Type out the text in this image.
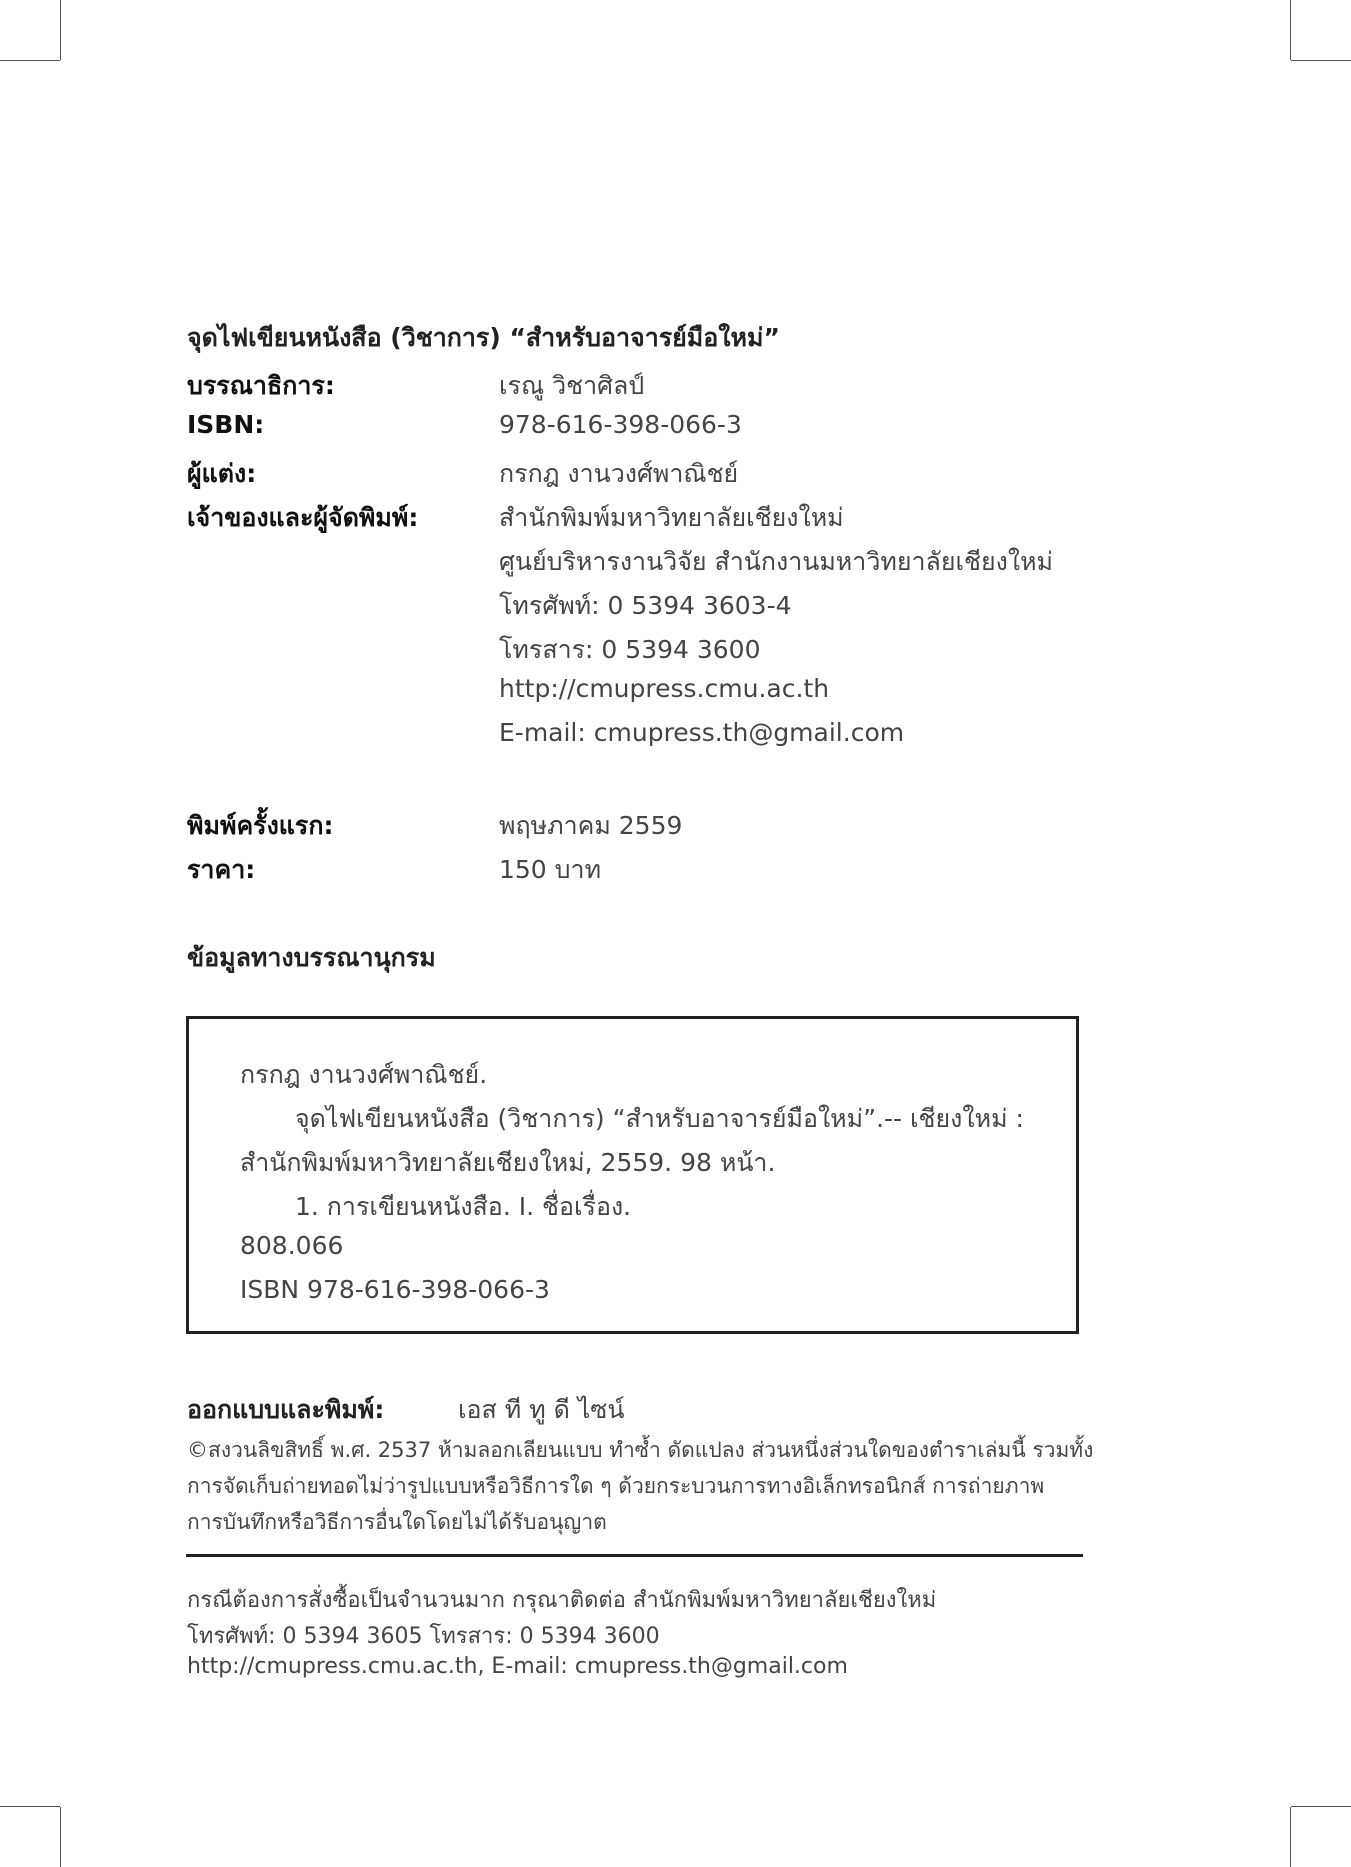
จุดไฟเขียนหนังสือ (วิชาการ) “สำหรับอาจารย์มือใหม่”
บรรณาธิการ:	เรณู วิชาศิลป์
ISBN:	978-616-398-066-3
ผู้แต่ง:	กรกฎ งานวงศ์พาณิชย์
เจ้าของและผู้จัดพิมพ์:	สำนักพิมพ์มหาวิทยาลัยเชียงใหม่
ศูนย์บริหารงานวิจัย สำนักงานมหาวิทยาลัยเชียงใหม่
โทรศัพท์: 0 5394 3603-4
โทรสาร: 0 5394 3600
http://cmupress.cmu.ac.th
E-mail: cmupress.th@gmail.com
พิมพ์ครั้งแรก:	พฤษภาคม 2559
ราคา:	150 บาท
ข้อมูลทางบรรณานุกรม
กรกฎ งานวงศ์พาณิชย์.
จุดไฟเขียนหนังสือ (วิชาการ) “สำหรับอาจารย์มือใหม่”.-- เชียงใหม่ :
สำนักพิมพ์มหาวิทยาลัยเชียงใหม่, 2559. 98 หน้า.
1. การเขียนหนังสือ. I. ชื่อเรื่อง.
808.066
ISBN 978-616-398-066-3
ออกแบบและพิมพ์:	เอส ที ทู ดี ไซน์
©สงวนลิขสิทธิ์ พ.ศ. 2537 ห้ามลอกเลียนแบบ ทำซ้ำ ดัดแปลง ส่วนหนึ่งส่วนใดของตำราเล่มนี้ รวมทั้ง
การจัดเก็บถ่ายทอดไม่ว่ารูปแบบหรือวิธีการใด ๆ ด้วยกระบวนการทางอิเล็กทรอนิกส์ การถ่ายภาพ
การบันทึกหรือวิธีการอื่นใดโดยไม่ได้รับอนุญาต
กรณีต้องการสั่งซื้อเป็นจำนวนมาก กรุณาติดต่อ สำนักพิมพ์มหาวิทยาลัยเชียงใหม่
โทรศัพท์: 0 5394 3605 โทรสาร: 0 5394 3600
http://cmupress.cmu.ac.th, E-mail: cmupress.th@gmail.com
